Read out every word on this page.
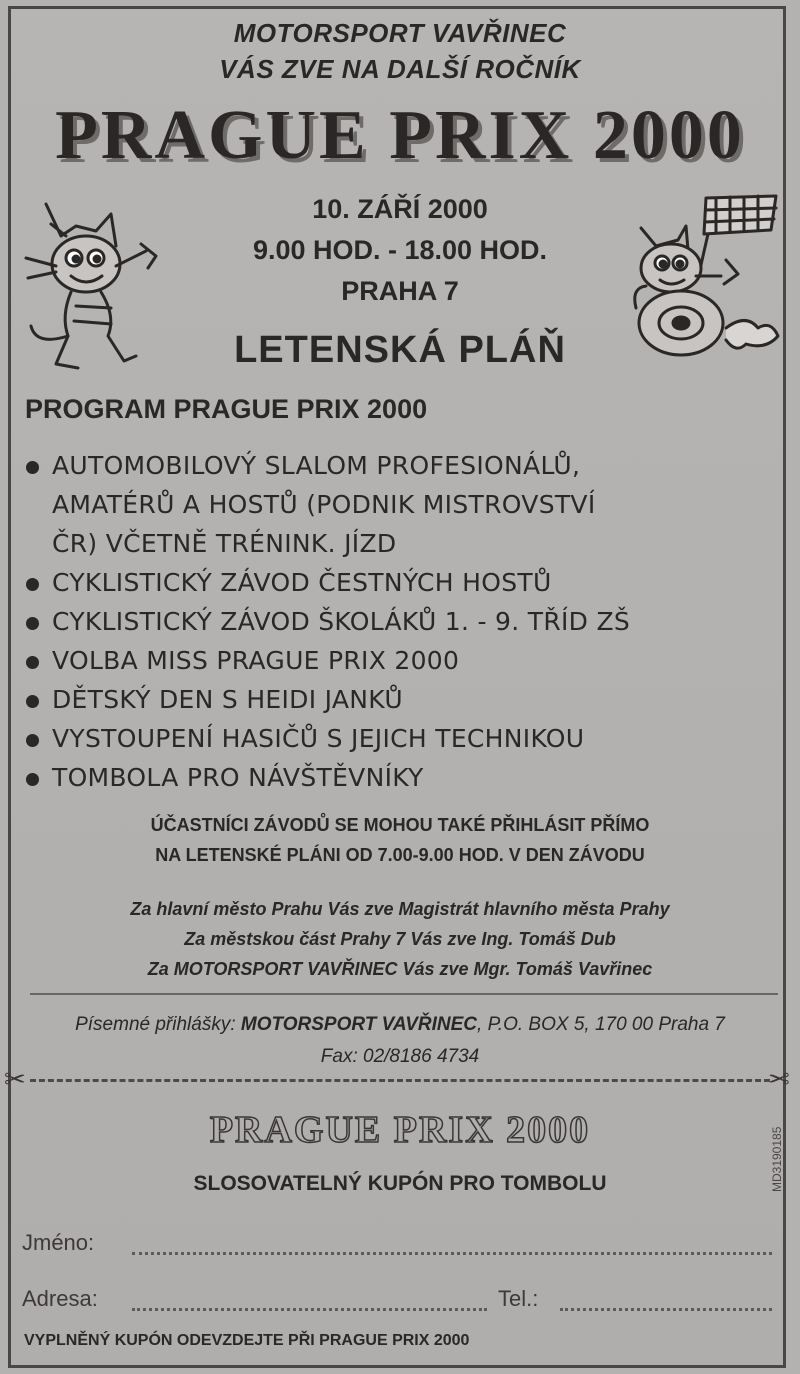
MOTORSPORT VAVŘINEC
VÁS ZVE NA DALŠÍ ROČNÍK
PRAGUE PRIX 2000
10. ZÁŘÍ 2000
9.00 HOD. - 18.00 HOD.
PRAHA 7
LETENSKÁ PLÁŇ
PROGRAM PRAGUE PRIX 2000
AUTOMOBILOVÝ SLALOM PROFESIONÁLŮ,
AMATÉRŮ A HOSTŮ (PODNIK MISTROVSTVÍ
ČR) VČETNĚ TRÉNINK. JÍZD
CYKLISTICKÝ ZÁVOD ČESTNÝCH HOSTŮ
CYKLISTICKÝ ZÁVOD ŠKOLÁKŮ 1. - 9. TŘÍD ZŠ
VOLBA MISS PRAGUE PRIX 2000
DĚTSKÝ DEN S HEIDI JANKŮ
VYSTOUPENÍ HASIČŮ S JEJICH TECHNIKOU
TOMBOLA PRO NÁVŠTĚVNÍKY
ÚČASTNÍCI ZÁVODŮ SE MOHOU TAKÉ PŘIHLÁSIT PŘÍMO
NA LETENSKÉ PLÁNI OD 7.00-9.00 HOD. V DEN ZÁVODU
Za hlavní město Prahu Vás zve Magistrát hlavního města Prahy
Za městskou část Prahy 7 Vás zve Ing. Tomáš Dub
Za MOTORSPORT VAVŘINEC Vás zve Mgr. Tomáš Vavřinec
Písemné přihlášky: MOTORSPORT VAVŘINEC, P.O. BOX 5, 170 00 Praha 7
Fax: 02/8186 4734
✂	✂
PRAGUE PRIX 2000
SLOSOVATELNÝ KUPÓN PRO TOMBOLU	MD3190185
Jméno:
Adresa:	Tel.:
VYPLNĚNÝ KUPÓN ODEVZDEJTE PŘI PRAGUE PRIX 2000
